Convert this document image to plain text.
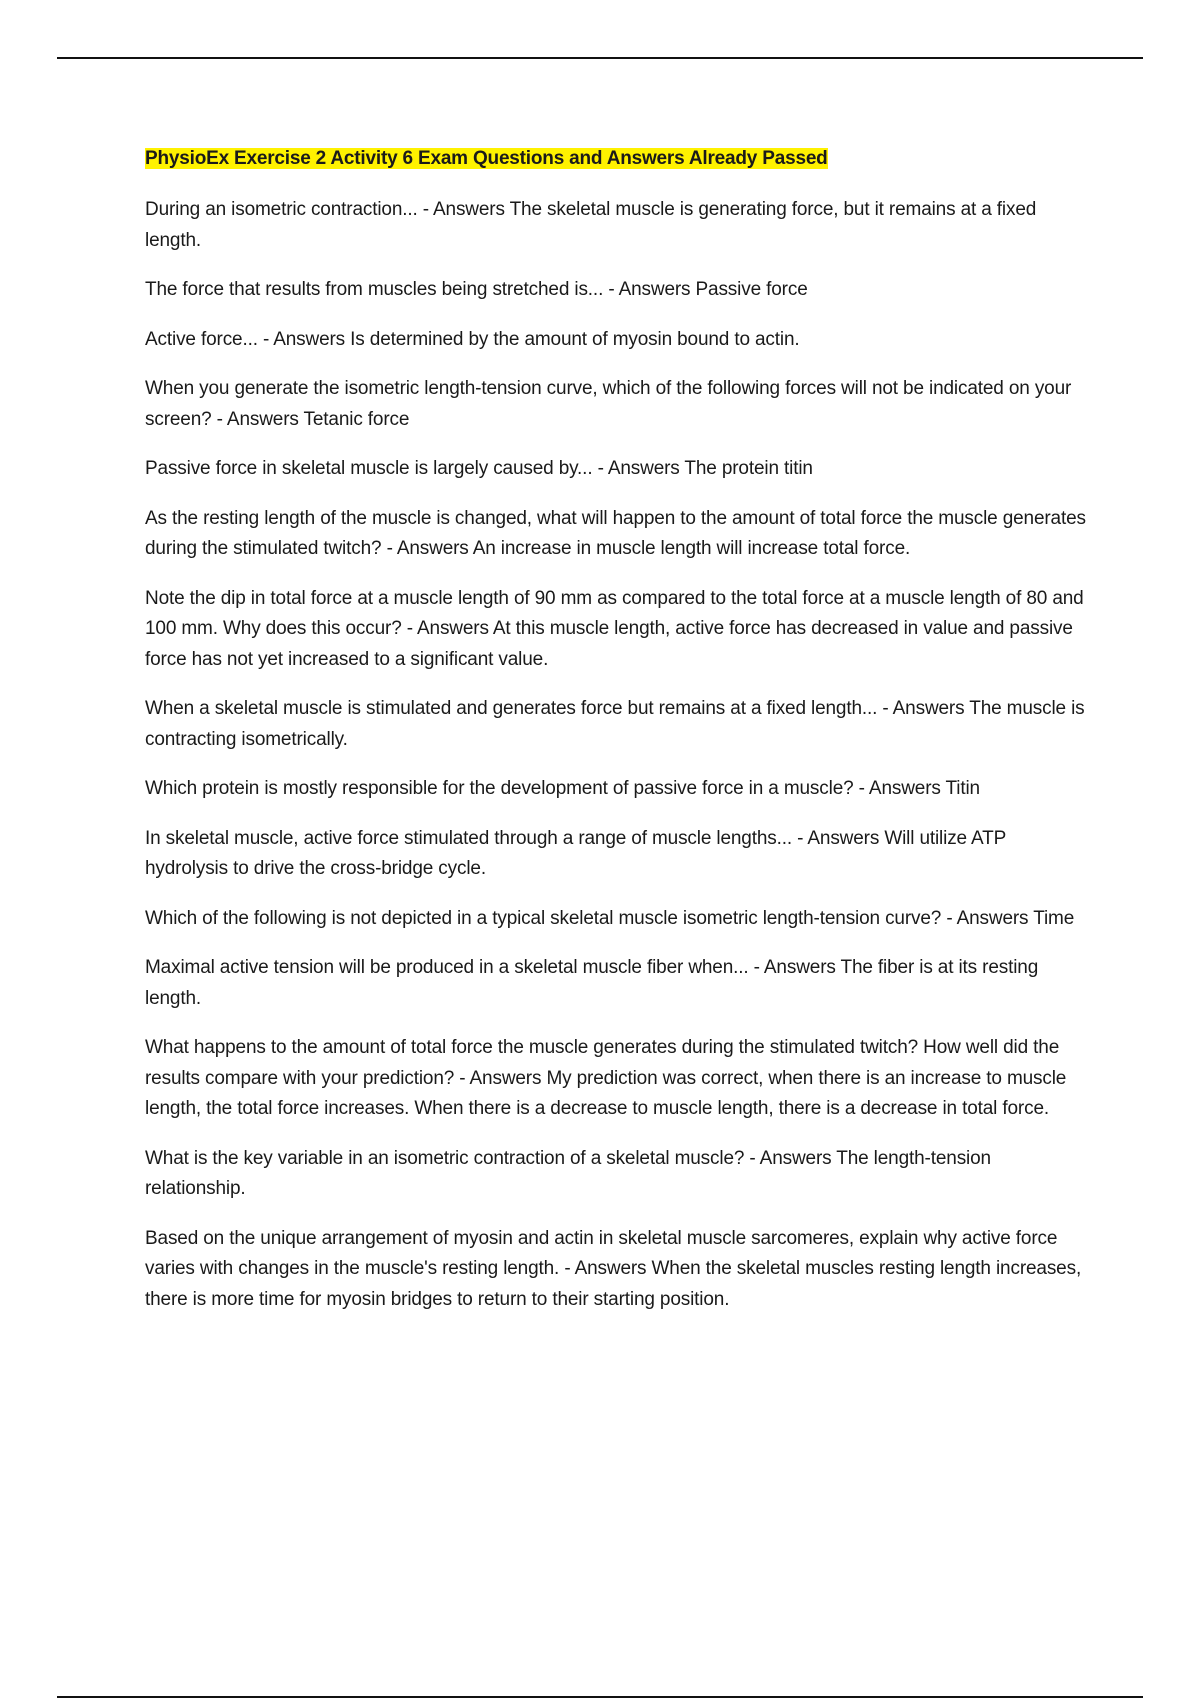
PhysioEx Exercise 2 Activity 6 Exam Questions and Answers Already Passed

During an isometric contraction... - Answers The skeletal muscle is generating force, but it remains at a fixed length.

The force that results from muscles being stretched is... - Answers Passive force

Active force... - Answers Is determined by the amount of myosin bound to actin.

When you generate the isometric length-tension curve, which of the following forces will not be indicated on your screen? - Answers Tetanic force

Passive force in skeletal muscle is largely caused by... - Answers The protein titin

As the resting length of the muscle is changed, what will happen to the amount of total force the muscle generates during the stimulated twitch? - Answers An increase in muscle length will increase total force.

Note the dip in total force at a muscle length of 90 mm as compared to the total force at a muscle length of 80 and 100 mm. Why does this occur? - Answers At this muscle length, active force has decreased in value and passive force has not yet increased to a significant value.

When a skeletal muscle is stimulated and generates force but remains at a fixed length... - Answers The muscle is contracting isometrically.

Which protein is mostly responsible for the development of passive force in a muscle? - Answers Titin

In skeletal muscle, active force stimulated through a range of muscle lengths... - Answers Will utilize ATP hydrolysis to drive the cross-bridge cycle.

Which of the following is not depicted in a typical skeletal muscle isometric length-tension curve? - Answers Time

Maximal active tension will be produced in a skeletal muscle fiber when... - Answers The fiber is at its resting length.

What happens to the amount of total force the muscle generates during the stimulated twitch? How well did the results compare with your prediction? - Answers My prediction was correct, when there is an increase to muscle length, the total force increases. When there is a decrease to muscle length, there is a decrease in total force.

What is the key variable in an isometric contraction of a skeletal muscle? - Answers The length-tension relationship.

Based on the unique arrangement of myosin and actin in skeletal muscle sarcomeres, explain why active force varies with changes in the muscle's resting length. - Answers When the skeletal muscles resting length increases, there is more time for myosin bridges to return to their starting position.
